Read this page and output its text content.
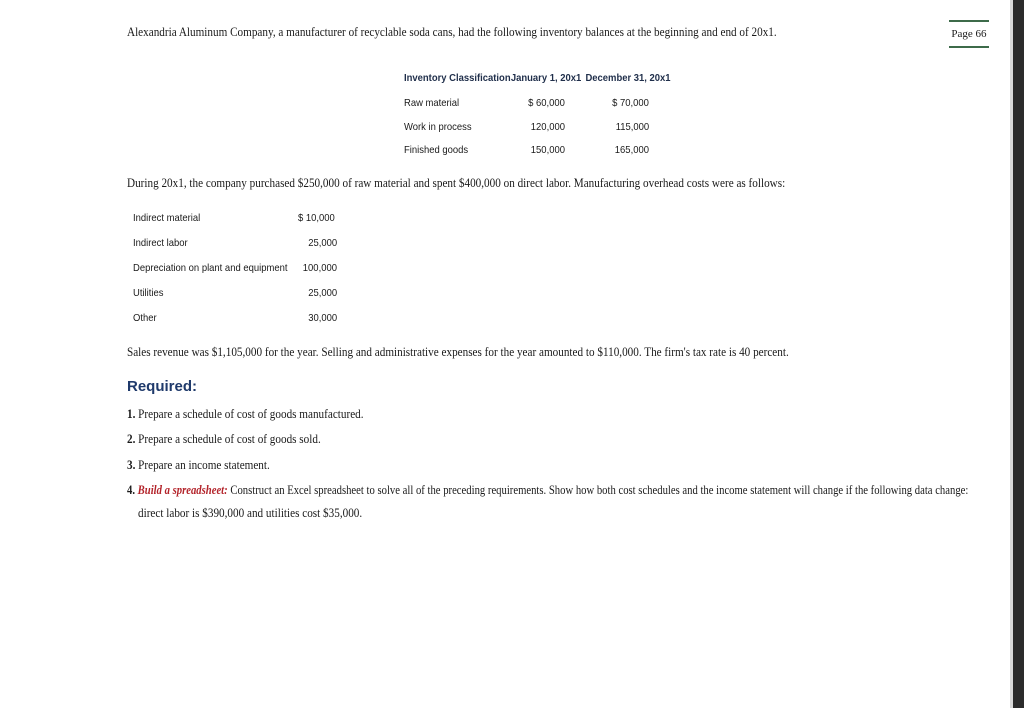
Page 66
Alexandria Aluminum Company, a manufacturer of recyclable soda cans, had the following inventory balances at the beginning and end of 20x1.
Inventory Classification January 1, 20x1 December 31, 20x1
Raw material	$ 60,000	$ 70,000
Work in process	120,000	115,000
Finished goods	150,000	165,000
During 20x1, the company purchased $250,000 of raw material and spent $400,000 on direct labor. Manufacturing overhead costs were as follows:
Indirect material	$ 10,000
Indirect labor	25,000
Depreciation on plant and equipment 100,000
Utilities	25,000
Other	30,000
Sales revenue was $1,105,000 for the year. Selling and administrative expenses for the year amounted to $110,000. The firm's tax rate is 40 percent.
Required:
1. Prepare a schedule of cost of goods manufactured.
2. Prepare a schedule of cost of goods sold.
3. Prepare an income statement.
4. Build a spreadsheet: Construct an Excel spreadsheet to solve all of the preceding requirements. Show how both cost schedules and the income statement will change if the following data change:
direct labor is $390,000 and utilities cost $35,000.
